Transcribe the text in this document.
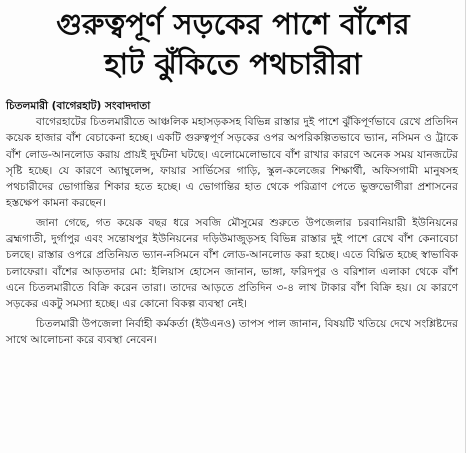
গুরুত্বপূর্ণ সড়কের পাশে বাঁশের
হাট ঝুঁকিতে পথচারীরা
চিতলমারী (বাগেরহাট) সংবাদদাতা

বাগেরহাটের চিতলমারীতে আঞ্চলিক মহাসড়কসহ বিভিন্ন রাস্তার দুই পাশে ঝুঁকিপূর্ণভাবে রেখে প্রতিদিন কয়েক হাজার বাঁশ বেচাকেনা হচ্ছে। একটি গুরুত্বপূর্ণ সড়কের ওপর অপরিকল্পিতভাবে ভ্যান, নসিমন ও ট্রাকে বাঁশ লোড-আনলোড করায় প্রায়ই দুর্ঘটনা ঘটছে। এলোমেলোভাবে বাঁশ রাখার কারণে অনেক সময় যানজটের সৃষ্টি হচ্ছে। যে কারণে অ্যাম্বুলেন্স, ফায়ার সার্ভিসের গাড়ি, স্কুল-কলেজের শিক্ষার্থী, অফিসগামী মানুষসহ পথচারীদের ভোগান্তির শিকার হতে হচ্ছে। এ ভোগান্তির হাত থেকে পরিত্রাণ পেতে ভুক্তভোগীরা প্রশাসনের হস্তক্ষেপ কামনা করছেন।

জানা গেছে, গত কয়েক বছর ধরে সবজি মৌসুমের শুরুতে উপজেলার চরবানিয়ারী ইউনিয়নের ব্রহ্মগাতী, দুর্গাপুর এবং সন্তোষপুর ইউনিয়নের দড়িউমাজুড়সহ বিভিন্ন রাস্তার দুই পাশে রেখে বাঁশ কেনাবেচা চলছে। রাস্তার ওপরে প্রতিনিয়ত ভ্যান-নসিমনে বাঁশ লোড-আনলোড করা হচ্ছে। এতে বিঘ্নিত হচ্ছে স্বাভাবিক চলাফেরা। বাঁশের আড়তদার মো: ইলিয়াস হোসেন জানান, ভাঙ্গা, ফরিদপুর ও বরিশাল এলাকা থেকে বাঁশ এনে চিতলমারীতে বিক্রি করেন তারা। তাদের আড়তে প্রতিদিন ৩-৪ লাখ টাকার বাঁশ বিক্রি হয়। যে কারণে সড়কের একটু সমস্যা হচ্ছে। এর কোনো বিকল্প ব্যবস্থা নেই।

চিতলমারী উপজেলা নির্বাহী কর্মকর্তা (ইউএনও) তাপস পাল জানান, বিষয়টি খতিয়ে দেখে সংশ্লিষ্টদের সাথে আলোচনা করে ব্যবস্থা নেবেন।
